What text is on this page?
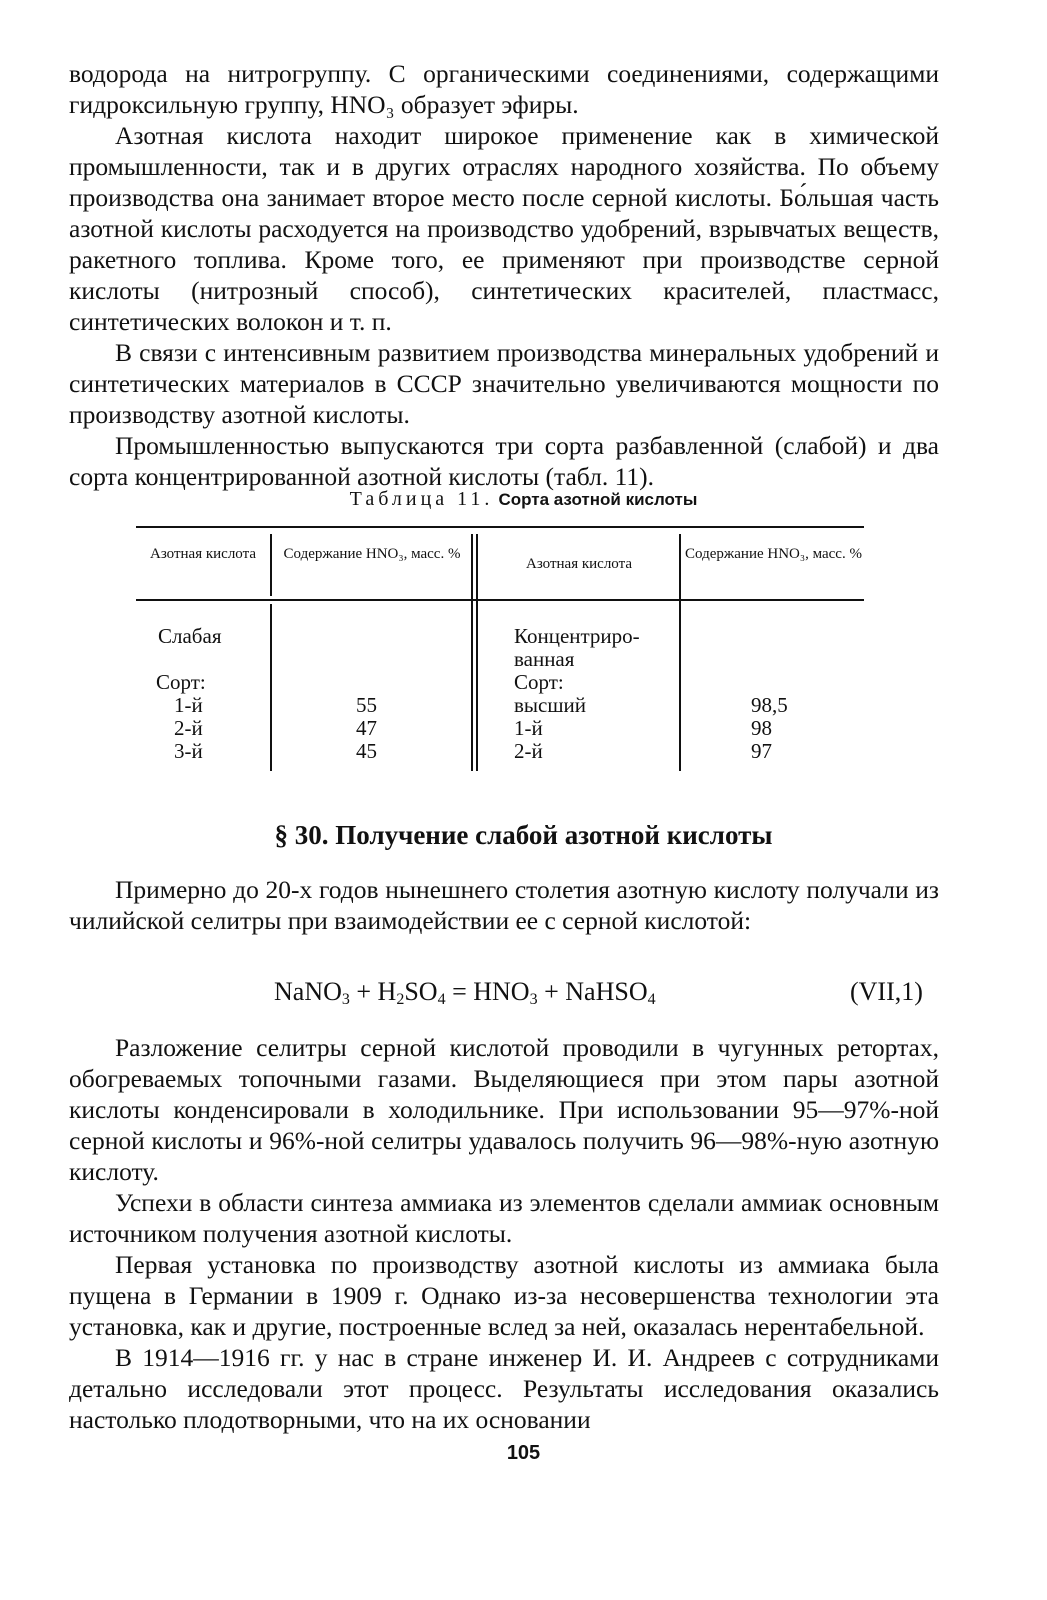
водорода на нитрогруппу. С органическими соединениями, содержащими гидроксильную группу, HNO₃ образует эфиры.

Азотная кислота находит широкое применение как в химической промышленности, так и в других отраслях народного хозяйства. По объему производства она занимает второе место после серной кислоты. Бо́льшая часть азотной кислоты расходуется на производство удобрений, взрывчатых веществ, ракетного топлива. Кроме того, ее применяют при производстве серной кислоты (нитрозный способ), синтетических красителей, пластмасс, синтетических волокон и т. п.

В связи с интенсивным развитием производства минеральных удобрений и синтетических материалов в СССР значительно увеличиваются мощности по производству азотной кислоты.

Промышленностью выпускаются три сорта разбавленной (слабой) и два сорта концентрированной азотной кислоты (табл. 11).

Таблица 11. Сорта азотной кислоты
Азотная кислота	Содержание HNO₃, масс. %
Азотная кислота
Содержание HNO₃, масс. %
Слабая
Сорт:
1-й
2-й
3-й
55
47
45
Концентриро-
ванная
Сорт:
высший
1-й
2-й
98,5
98
97
§ 30. Получение слабой азотной кислоты

Примерно до 20-х годов нынешнего столетия азотную кислоту получали из чилийской селитры при взаимодействии ее с серной кислотой:

NaNO$_3$ + $H_2SO_4 = HNO_3$ + NaHSO$_4$	(VII,1)

Разложение селитры серной кислотой проводили в чугунных ретортах, обогреваемых топочными газами. Выделяющиеся при этом пары азотной кислоты конденсировали в холодильнике. При использовании 95—97%-ной серной кислоты и 96%-ной селитры удавалось получить 96—98%-ную азотную кислоту.

Успехи в области синтеза аммиака из элементов сделали аммиак основным источником получения азотной кислоты.

Первая установка по производству азотной кислоты из аммиака была пущена в Германии в 1909 г. Однако из-за несовершенства технологии эта установка, как и другие, построенные вслед за ней, оказалась нерентабельной.

В 1914—1916 гг. у нас в стране инженер И. И. Андреев с сотрудниками детально исследовали этот процесс. Результаты исследования оказались настолько плодотворными, что на их основании

105
